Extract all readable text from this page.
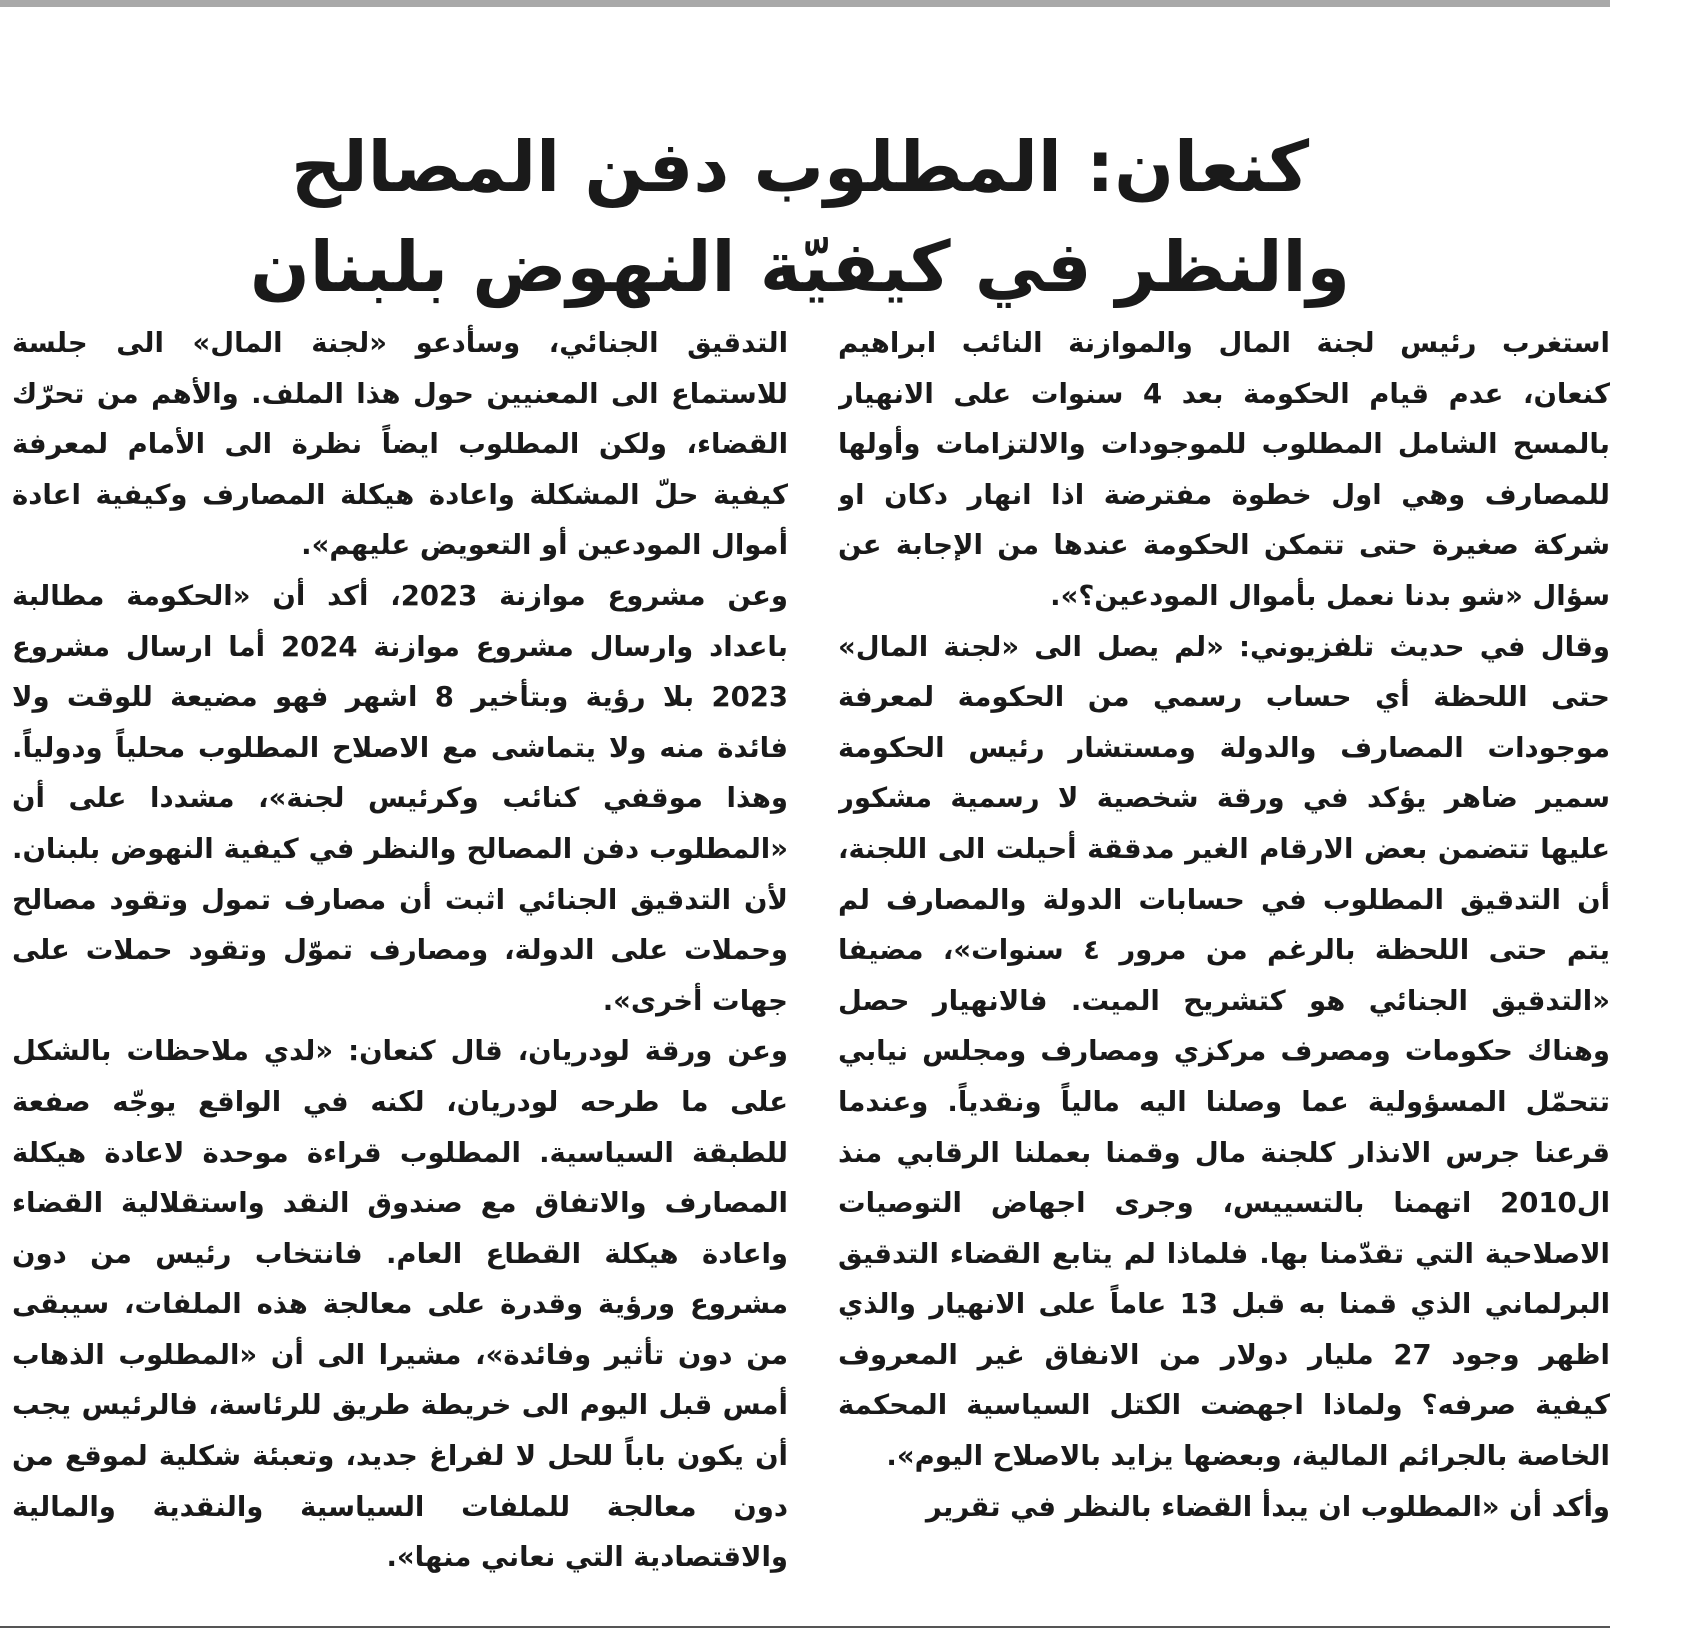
كنعان: المطلوب دفن المصالح
والنظر في كيفيّة النهوض بلبنان

استغرب رئيس لجنة المال والموازنة النائب ابراهيم كنعان، عدم قيام الحكومة بعد 4 سنوات على الانهيار بالمسح الشامل المطلوب للموجودات والالتزامات وأولها للمصارف وهي اول خطوة مفترضة اذا انهار دكان او شركة صغيرة حتى تتمكن الحكومة عندها من الإجابة عن سؤال «شو بدنا نعمل بأموال المودعين؟».

وقال في حديث تلفزيوني: «لم يصل الى «لجنة المال» حتى اللحظة أي حساب رسمي من الحكومة لمعرفة موجودات المصارف والدولة ومستشار رئيس الحكومة سمير ضاهر يؤكد في ورقة شخصية لا رسمية مشكور عليها تتضمن بعض الارقام الغير مدققة أحيلت الى اللجنة، أن التدقيق المطلوب في حسابات الدولة والمصارف لم يتم حتى اللحظة بالرغم من مرور ٤ سنوات»، مضيفا «التدقيق الجنائي هو كتشريح الميت. فالانهيار حصل وهناك حكومات ومصرف مركزي ومصارف ومجلس نيابي تتحمّل المسؤولية عما وصلنا اليه مالياً ونقدياً. وعندما قرعنا جرس الانذار كلجنة مال وقمنا بعملنا الرقابي منذ ال2010 اتهمنا بالتسييس، وجرى اجهاض التوصيات الاصلاحية التي تقدّمنا بها. فلماذا لم يتابع القضاء التدقيق البرلماني الذي قمنا به قبل 13 عاماً على الانهيار والذي اظهر وجود 27 مليار دولار من الانفاق غير المعروف كيفية صرفه؟ ولماذا اجهضت الكتل السياسية المحكمة الخاصة بالجرائم المالية، وبعضها يزايد بالاصلاح اليوم».

وأكد أن «المطلوب ان يبدأ القضاء بالنظر في تقرير

التدقيق الجنائي، وسأدعو «لجنة المال» الى جلسة للاستماع الى المعنيين حول هذا الملف. والأهم من تحرّك القضاء، ولكن المطلوب ايضاً نظرة الى الأمام لمعرفة كيفية حلّ المشكلة واعادة هيكلة المصارف وكيفية اعادة أموال المودعين أو التعويض عليهم».

وعن مشروع موازنة 2023، أكد أن «الحكومة مطالبة باعداد وارسال مشروع موازنة 2024 أما ارسال مشروع 2023 بلا رؤية وبتأخير 8 اشهر فهو مضيعة للوقت ولا فائدة منه ولا يتماشى مع الاصلاح المطلوب محلياً ودولياً. وهذا موقفي كنائب وكرئيس لجنة»، مشددا على أن «المطلوب دفن المصالح والنظر في كيفية النهوض بلبنان. لأن التدقيق الجنائي اثبت أن مصارف تمول وتقود مصالح وحملات على الدولة، ومصارف تموّل وتقود حملات على جهات أخرى».

وعن ورقة لودريان، قال كنعان: «لدي ملاحظات بالشكل على ما طرحه لودريان، لكنه في الواقع يوجّه صفعة للطبقة السياسية. المطلوب قراءة موحدة لاعادة هيكلة المصارف والاتفاق مع صندوق النقد واستقلالية القضاء واعادة هيكلة القطاع العام. فانتخاب رئيس من دون مشروع ورؤية وقدرة على معالجة هذه الملفات، سيبقى من دون تأثير وفائدة»، مشيرا الى أن «المطلوب الذهاب أمس قبل اليوم الى خريطة طريق للرئاسة، فالرئيس يجب أن يكون باباً للحل لا لفراغ جديد، وتعبئة شكلية لموقع من دون معالجة للملفات السياسية والنقدية والمالية والاقتصادية التي نعاني منها».
